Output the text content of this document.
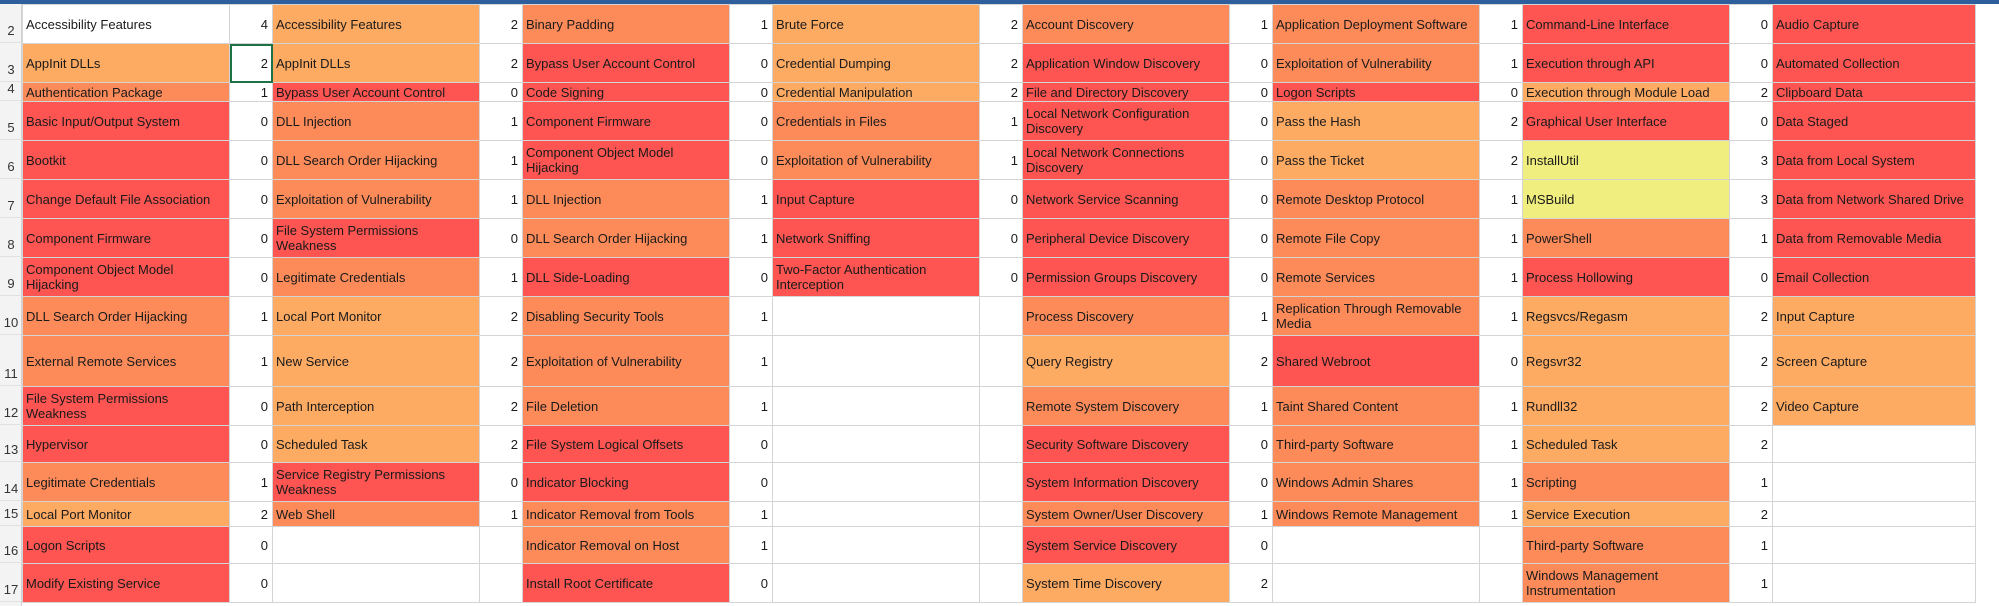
2
3
4
5
6
7
8
9
10
11
12
13
14
15
16
17
Accessibility Features	4	Accessibility Features	2	Binary Padding	1	Brute Force	2	Account Discovery	1	Application Deployment Software	1	Command-Line Interface	0	Audio Capture
AppInit DLLs	2	AppInit DLLs	2	Bypass User Account Control	0	Credential Dumping	2	Application Window Discovery	0	Exploitation of Vulnerability	1	Execution through API	0	Automated Collection
Authentication Package	1	Bypass User Account Control	0	Code Signing	0	Credential Manipulation	2	File and Directory Discovery	0	Logon Scripts	0	Execution through Module Load	2	Clipboard Data
Basic Input/Output System	0	DLL Injection	1	Component Firmware	0	Credentials in Files	1	Local Network Configuration Discovery	0	Pass the Hash	2	Graphical User Interface	0	Data Staged
Bootkit	0	DLL Search Order Hijacking	1	Component Object Model Hijacking	0	Exploitation of Vulnerability	1	Local Network Connections Discovery	0	Pass the Ticket	2	InstallUtil	3	Data from Local System
Change Default File Association	0	Exploitation of Vulnerability	1	DLL Injection	1	Input Capture	0	Network Service Scanning	0	Remote Desktop Protocol	1	MSBuild	3	Data from Network Shared Drive
Component Firmware	0	File System Permissions Weakness	0	DLL Search Order Hijacking	1	Network Sniffing	0	Peripheral Device Discovery	0	Remote File Copy	1	PowerShell	1	Data from Removable Media
Component Object Model Hijacking	0	Legitimate Credentials	1	DLL Side-Loading	0	Two-Factor Authentication Interception	0	Permission Groups Discovery	0	Remote Services	1	Process Hollowing	0	Email Collection
DLL Search Order Hijacking	1	Local Port Monitor	2	Disabling Security Tools	1			Process Discovery	1	Replication Through Removable Media	1	Regsvcs/Regasm	2	Input Capture
External Remote Services	1	New Service	2	Exploitation of Vulnerability	1			Query Registry	2	Shared Webroot	0	Regsvr32	2	Screen Capture
File System Permissions Weakness	0	Path Interception	2	File Deletion	1			Remote System Discovery	1	Taint Shared Content	1	Rundll32	2	Video Capture
Hypervisor	0	Scheduled Task	2	File System Logical Offsets	0			Security Software Discovery	0	Third-party Software	1	Scheduled Task	2	
Legitimate Credentials	1	Service Registry Permissions Weakness	0	Indicator Blocking	0			System Information Discovery	0	Windows Admin Shares	1	Scripting	1	
Local Port Monitor	2	Web Shell	1	Indicator Removal from Tools	1			System Owner/User Discovery	1	Windows Remote Management	1	Service Execution	2	
Logon Scripts	0			Indicator Removal on Host	1			System Service Discovery	0			Third-party Software	1	
Modify Existing Service	0			Install Root Certificate	0			System Time Discovery	2			Windows Management Instrumentation	1	
